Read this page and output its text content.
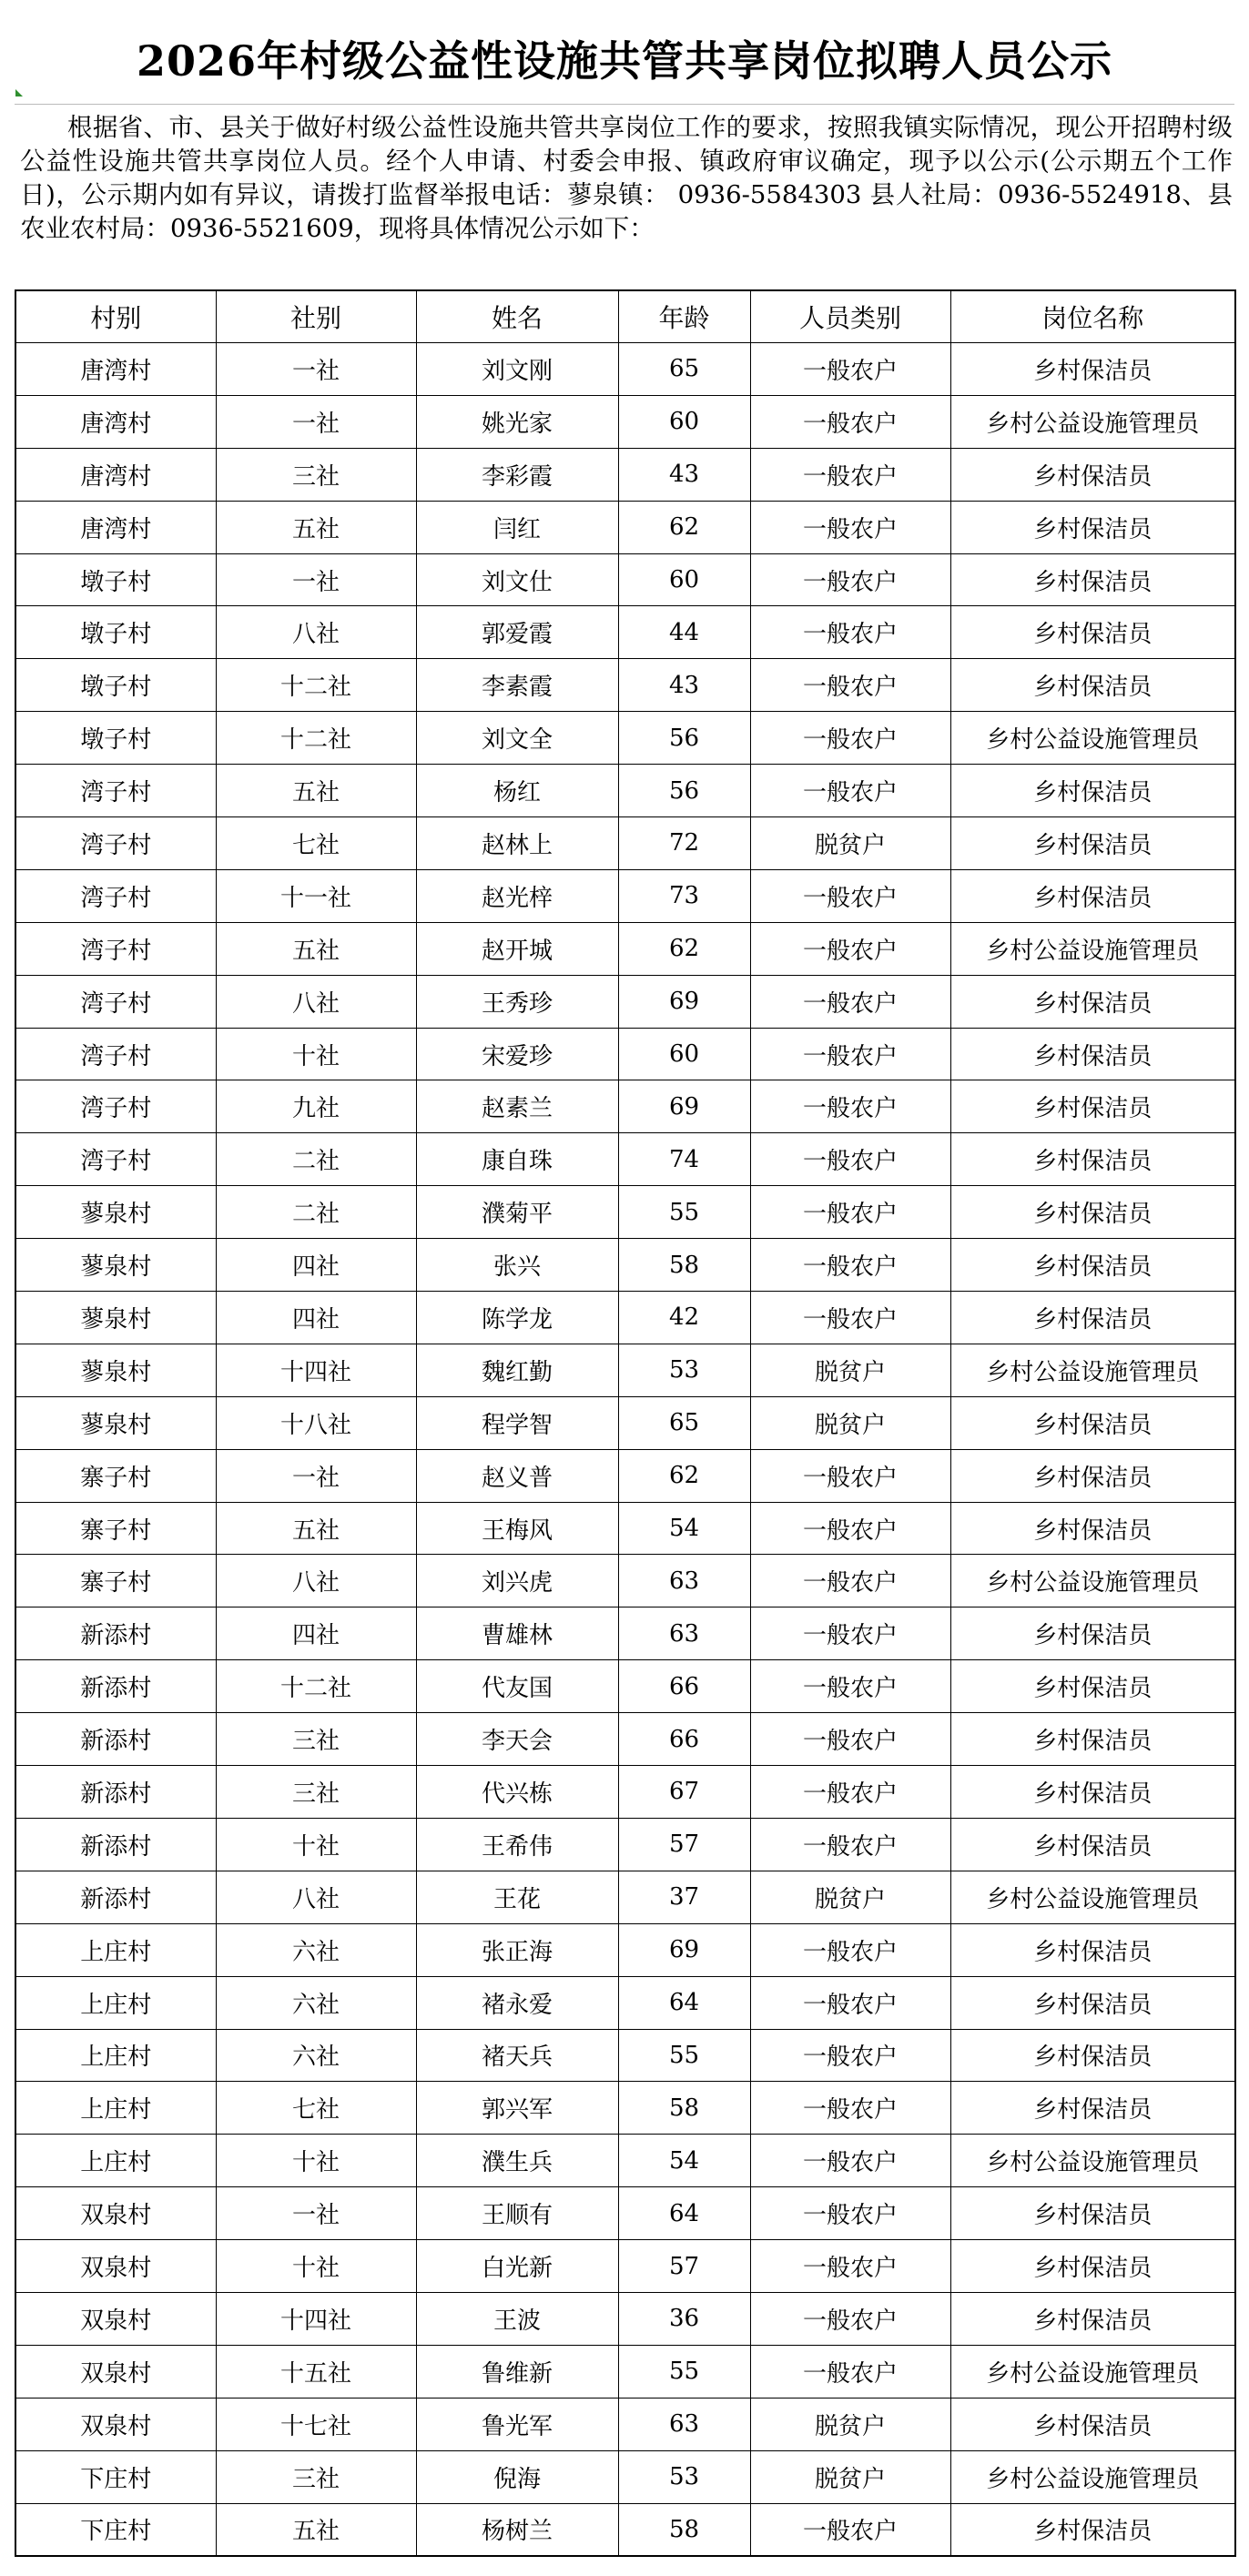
2026年村级公益性设施共管共享岗位拟聘人员公示
根据省、市、县关于做好村级公益性设施共管共享岗位工作的要求，按照我镇实际情况，现公开招聘村级公益性设施共管共享岗位人员。经个人申请、村委会申报、镇政府审议确定，现予以公示(公示期五个工作日)，公示期内如有异议，请拨打监督举报电话：蓼泉镇： 0936-5584303 县人社局：0936-5524918、县农业农村局：0936-5521609，现将具体情况公示如下：
村别	社别	姓名	年龄	人员类别	岗位名称
唐湾村	一社	刘文刚	65	一般农户	乡村保洁员
唐湾村	一社	姚光家	60	一般农户	乡村公益设施管理员
唐湾村	三社	李彩霞	43	一般农户	乡村保洁员
唐湾村	五社	闫红	62	一般农户	乡村保洁员
墩子村	一社	刘文仕	60	一般农户	乡村保洁员
墩子村	八社	郭爱霞	44	一般农户	乡村保洁员
墩子村	十二社	李素霞	43	一般农户	乡村保洁员
墩子村	十二社	刘文全	56	一般农户	乡村公益设施管理员
湾子村	五社	杨红	56	一般农户	乡村保洁员
湾子村	七社	赵林上	72	脱贫户	乡村保洁员
湾子村	十一社	赵光梓	73	一般农户	乡村保洁员
湾子村	五社	赵开城	62	一般农户	乡村公益设施管理员
湾子村	八社	王秀珍	69	一般农户	乡村保洁员
湾子村	十社	宋爱珍	60	一般农户	乡村保洁员
湾子村	九社	赵素兰	69	一般农户	乡村保洁员
湾子村	二社	康自珠	74	一般农户	乡村保洁员
蓼泉村	二社	濮菊平	55	一般农户	乡村保洁员
蓼泉村	四社	张兴	58	一般农户	乡村保洁员
蓼泉村	四社	陈学龙	42	一般农户	乡村保洁员
蓼泉村	十四社	魏红勤	53	脱贫户	乡村公益设施管理员
蓼泉村	十八社	程学智	65	脱贫户	乡村保洁员
寨子村	一社	赵义普	62	一般农户	乡村保洁员
寨子村	五社	王梅风	54	一般农户	乡村保洁员
寨子村	八社	刘兴虎	63	一般农户	乡村公益设施管理员
新添村	四社	曹雄林	63	一般农户	乡村保洁员
新添村	十二社	代友国	66	一般农户	乡村保洁员
新添村	三社	李天会	66	一般农户	乡村保洁员
新添村	三社	代兴栋	67	一般农户	乡村保洁员
新添村	十社	王希伟	57	一般农户	乡村保洁员
新添村	八社	王花	37	脱贫户	乡村公益设施管理员
上庄村	六社	张正海	69	一般农户	乡村保洁员
上庄村	六社	褚永爱	64	一般农户	乡村保洁员
上庄村	六社	褚天兵	55	一般农户	乡村保洁员
上庄村	七社	郭兴军	58	一般农户	乡村保洁员
上庄村	十社	濮生兵	54	一般农户	乡村公益设施管理员
双泉村	一社	王顺有	64	一般农户	乡村保洁员
双泉村	十社	白光新	57	一般农户	乡村保洁员
双泉村	十四社	王波	36	一般农户	乡村保洁员
双泉村	十五社	鲁维新	55	一般农户	乡村公益设施管理员
双泉村	十七社	鲁光军	63	脱贫户	乡村保洁员
下庄村	三社	倪海	53	脱贫户	乡村公益设施管理员
下庄村	五社	杨树兰	58	一般农户	乡村保洁员
